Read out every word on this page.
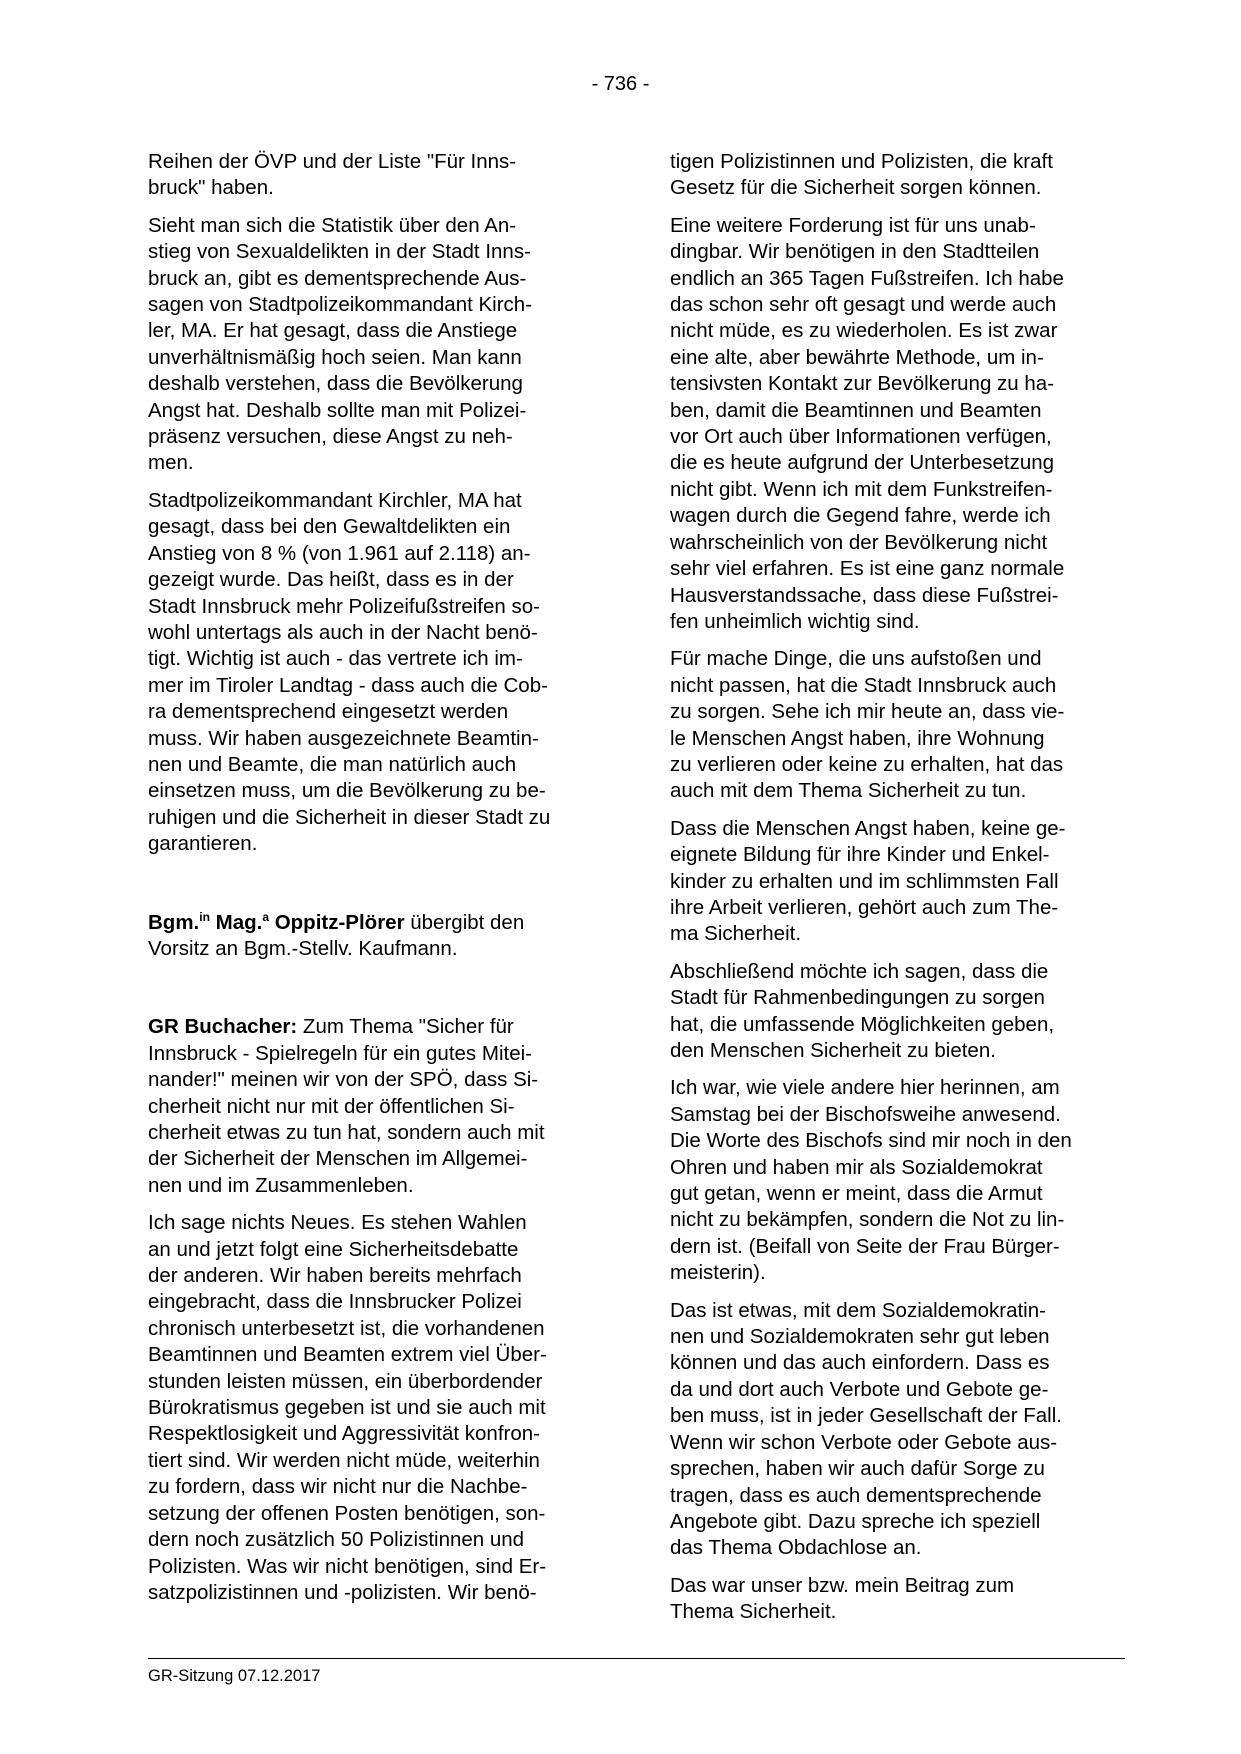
- 736 -

Reihen der ÖVP und der Liste "Für Inns-
bruck" haben.

Sieht man sich die Statistik über den An-
stieg von Sexualdelikten in der Stadt Inns-
bruck an, gibt es dementsprechende Aus-
sagen von Stadtpolizeikommandant Kirch-
ler, MA. Er hat gesagt, dass die Anstiege
unverhältnismäßig hoch seien. Man kann
deshalb verstehen, dass die Bevölkerung
Angst hat. Deshalb sollte man mit Polizei-
präsenz versuchen, diese Angst zu neh-
men.

Stadtpolizeikommandant Kirchler, MA hat
gesagt, dass bei den Gewaltdelikten ein
Anstieg von 8 % (von 1.961 auf 2.118) an-
gezeigt wurde. Das heißt, dass es in der
Stadt Innsbruck mehr Polizeifußstreifen so-
wohl untertags als auch in der Nacht benö-
tigt. Wichtig ist auch - das vertrete ich im-
mer im Tiroler Landtag - dass auch die Cob-
ra dementsprechend eingesetzt werden
muss. Wir haben ausgezeichnete Beamtin-
nen und Beamte, die man natürlich auch
einsetzen muss, um die Bevölkerung zu be-
ruhigen und die Sicherheit in dieser Stadt zu
garantieren.

Bgm.$^{in}$ Mag.$^a$ Oppitz-Plörer übergibt den
Vorsitz an Bgm.-Stellv. Kaufmann.

GR Buchacher: Zum Thema "Sicher für
Innsbruck - Spielregeln für ein gutes Mitei-
nander!" meinen wir von der SPÖ, dass Si-
cherheit nicht nur mit der öffentlichen Si-
cherheit etwas zu tun hat, sondern auch mit
der Sicherheit der Menschen im Allgemei-
nen und im Zusammenleben.

Ich sage nichts Neues. Es stehen Wahlen
an und jetzt folgt eine Sicherheitsdebatte
der anderen. Wir haben bereits mehrfach
eingebracht, dass die Innsbrucker Polizei
chronisch unterbesetzt ist, die vorhandenen
Beamtinnen und Beamten extrem viel Über-
stunden leisten müssen, ein überbordender
Bürokratismus gegeben ist und sie auch mit
Respektlosigkeit und Aggressivität konfron-
tiert sind. Wir werden nicht müde, weiterhin
zu fordern, dass wir nicht nur die Nachbe-
setzung der offenen Posten benötigen, son-
dern noch zusätzlich 50 Polizistinnen und
Polizisten. Was wir nicht benötigen, sind Er-
satzpolizistinnen und -polizisten. Wir benö-

tigen Polizistinnen und Polizisten, die kraft
Gesetz für die Sicherheit sorgen können.

Eine weitere Forderung ist für uns unab-
dingbar. Wir benötigen in den Stadtteilen
endlich an 365 Tagen Fußstreifen. Ich habe
das schon sehr oft gesagt und werde auch
nicht müde, es zu wiederholen. Es ist zwar
eine alte, aber bewährte Methode, um in-
tensivsten Kontakt zur Bevölkerung zu ha-
ben, damit die Beamtinnen und Beamten
vor Ort auch über Informationen verfügen,
die es heute aufgrund der Unterbesetzung
nicht gibt. Wenn ich mit dem Funkstreifen-
wagen durch die Gegend fahre, werde ich
wahrscheinlich von der Bevölkerung nicht
sehr viel erfahren. Es ist eine ganz normale
Hausverstandssache, dass diese Fußstrei-
fen unheimlich wichtig sind.

Für mache Dinge, die uns aufstoßen und
nicht passen, hat die Stadt Innsbruck auch
zu sorgen. Sehe ich mir heute an, dass vie-
le Menschen Angst haben, ihre Wohnung
zu verlieren oder keine zu erhalten, hat das
auch mit dem Thema Sicherheit zu tun.

Dass die Menschen Angst haben, keine ge-
eignete Bildung für ihre Kinder und Enkel-
kinder zu erhalten und im schlimmsten Fall
ihre Arbeit verlieren, gehört auch zum The-
ma Sicherheit.

Abschließend möchte ich sagen, dass die
Stadt für Rahmenbedingungen zu sorgen
hat, die umfassende Möglichkeiten geben,
den Menschen Sicherheit zu bieten.

Ich war, wie viele andere hier herinnen, am
Samstag bei der Bischofsweihe anwesend.
Die Worte des Bischofs sind mir noch in den
Ohren und haben mir als Sozialdemokrat
gut getan, wenn er meint, dass die Armut
nicht zu bekämpfen, sondern die Not zu lin-
dern ist. (Beifall von Seite der Frau Bürger-
meisterin).

Das ist etwas, mit dem Sozialdemokratin-
nen und Sozialdemokraten sehr gut leben
können und das auch einfordern. Dass es
da und dort auch Verbote und Gebote ge-
ben muss, ist in jeder Gesellschaft der Fall.
Wenn wir schon Verbote oder Gebote aus-
sprechen, haben wir auch dafür Sorge zu
tragen, dass es auch dementsprechende
Angebote gibt. Dazu spreche ich speziell
das Thema Obdachlose an.

Das war unser bzw. mein Beitrag zum
Thema Sicherheit.

GR-Sitzung 07.12.2017
